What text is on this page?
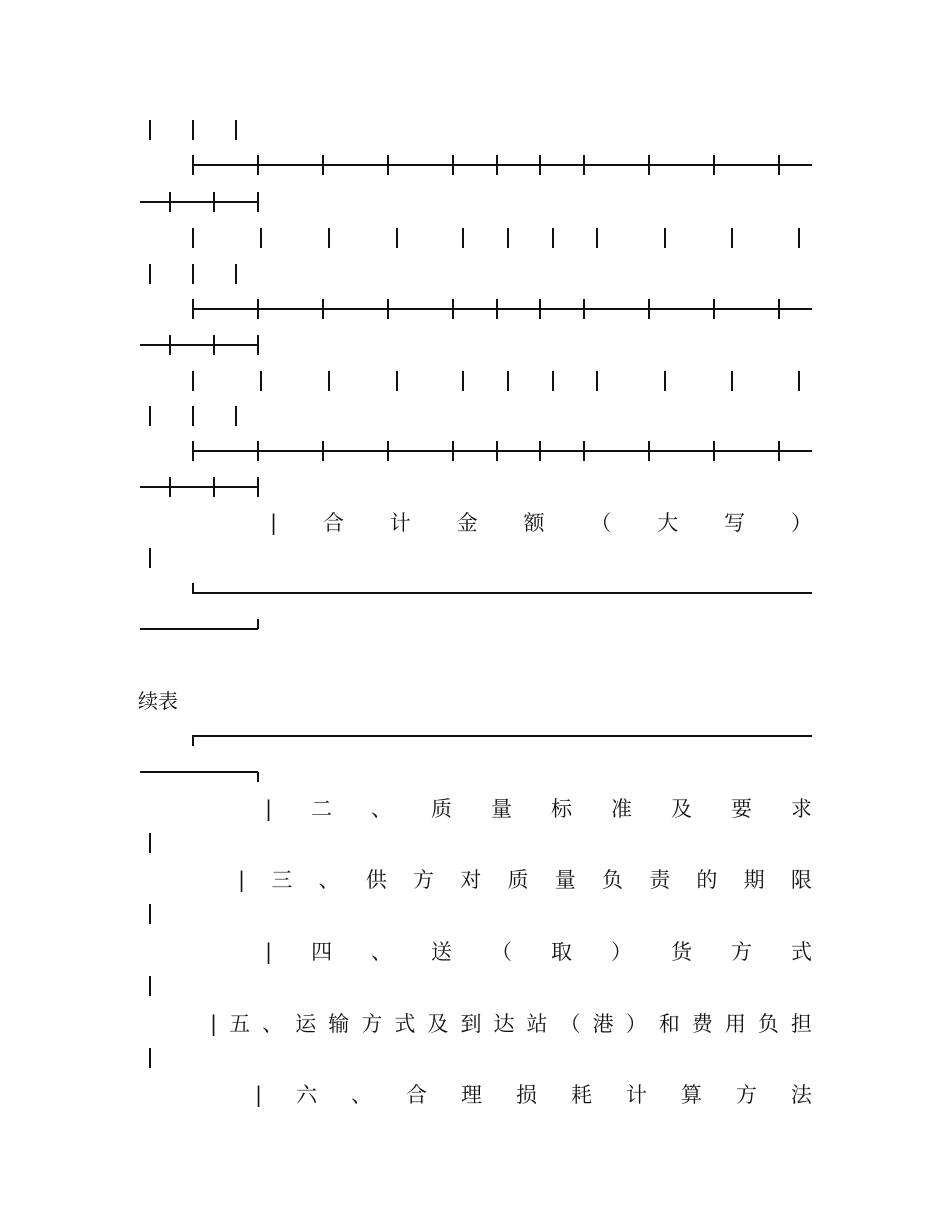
| 合 计 金 额 （ 大 写 ）
续表
| 二 、 质 量 标 准 及 要 求
| 三 、 供 方 对 质 量 负 责 的 期 限
| 四 、 送 （ 取 ） 货 方 式
| 五 、 运 输 方 式 及 到 达 站 （ 港 ） 和 费 用 负 担
| 六 、 合 理 损 耗 计 算 方 法
